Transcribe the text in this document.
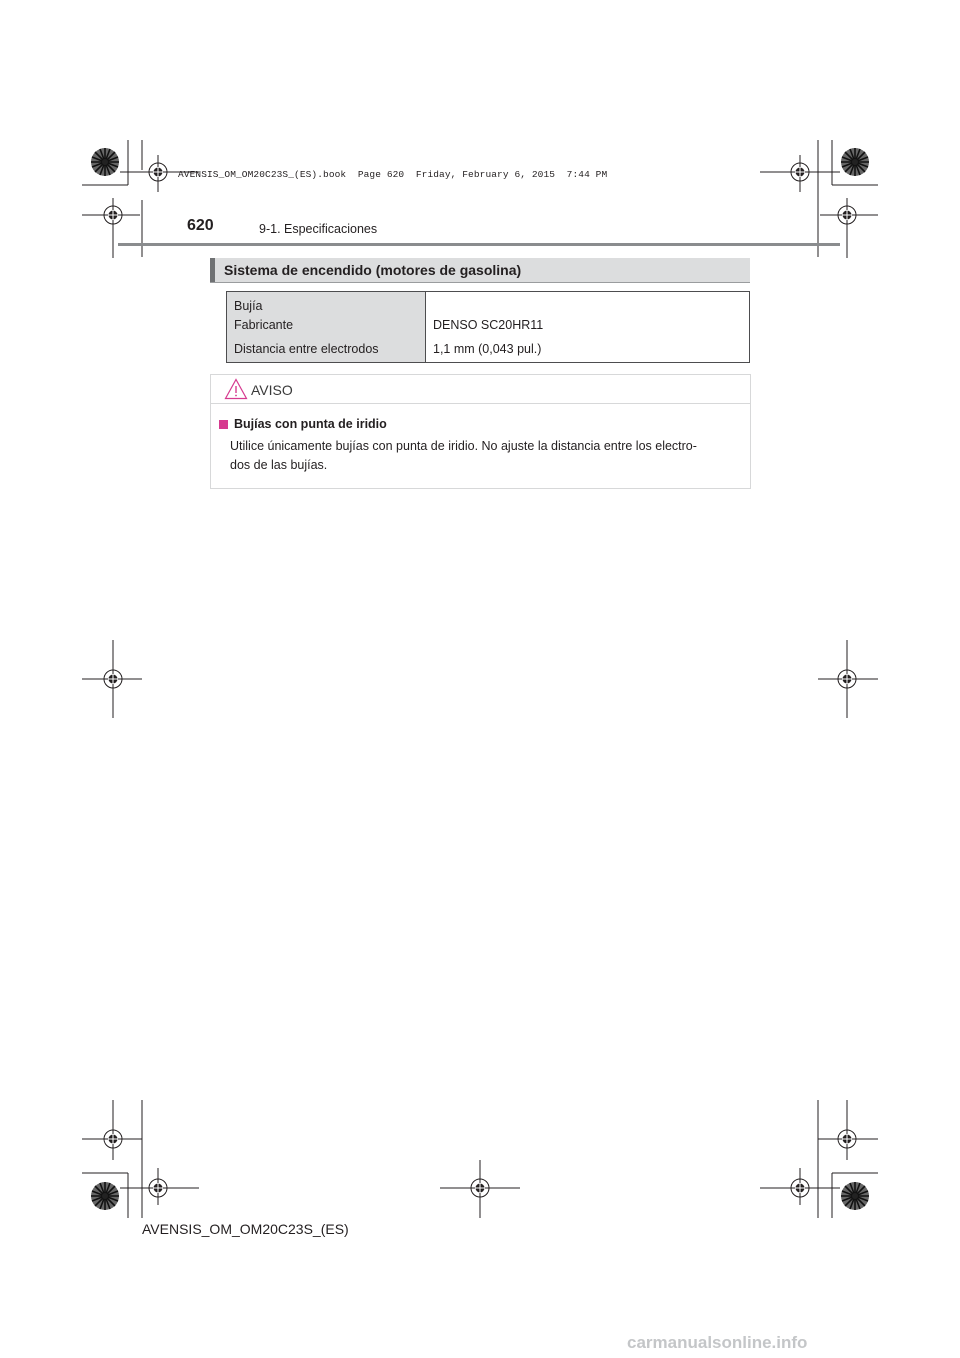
AVENSIS_OM_OM20C23S_(ES).book  Page 620  Friday, February 6, 2015  7:44 PM
620	9-1. Especificaciones
Sistema de encendido (motores de gasolina)
Bujía	
Fabricante	DENSO SC20HR11
Distancia entre electrodos	1,1 mm (0,043 pul.)
AVISO
Bujías con punta de iridio
Utilice únicamente bujías con punta de iridio. No ajuste la distancia entre los electro-
dos de las bujías.
AVENSIS_OM_OM20C23S_(ES)
carmanualsonline.info
